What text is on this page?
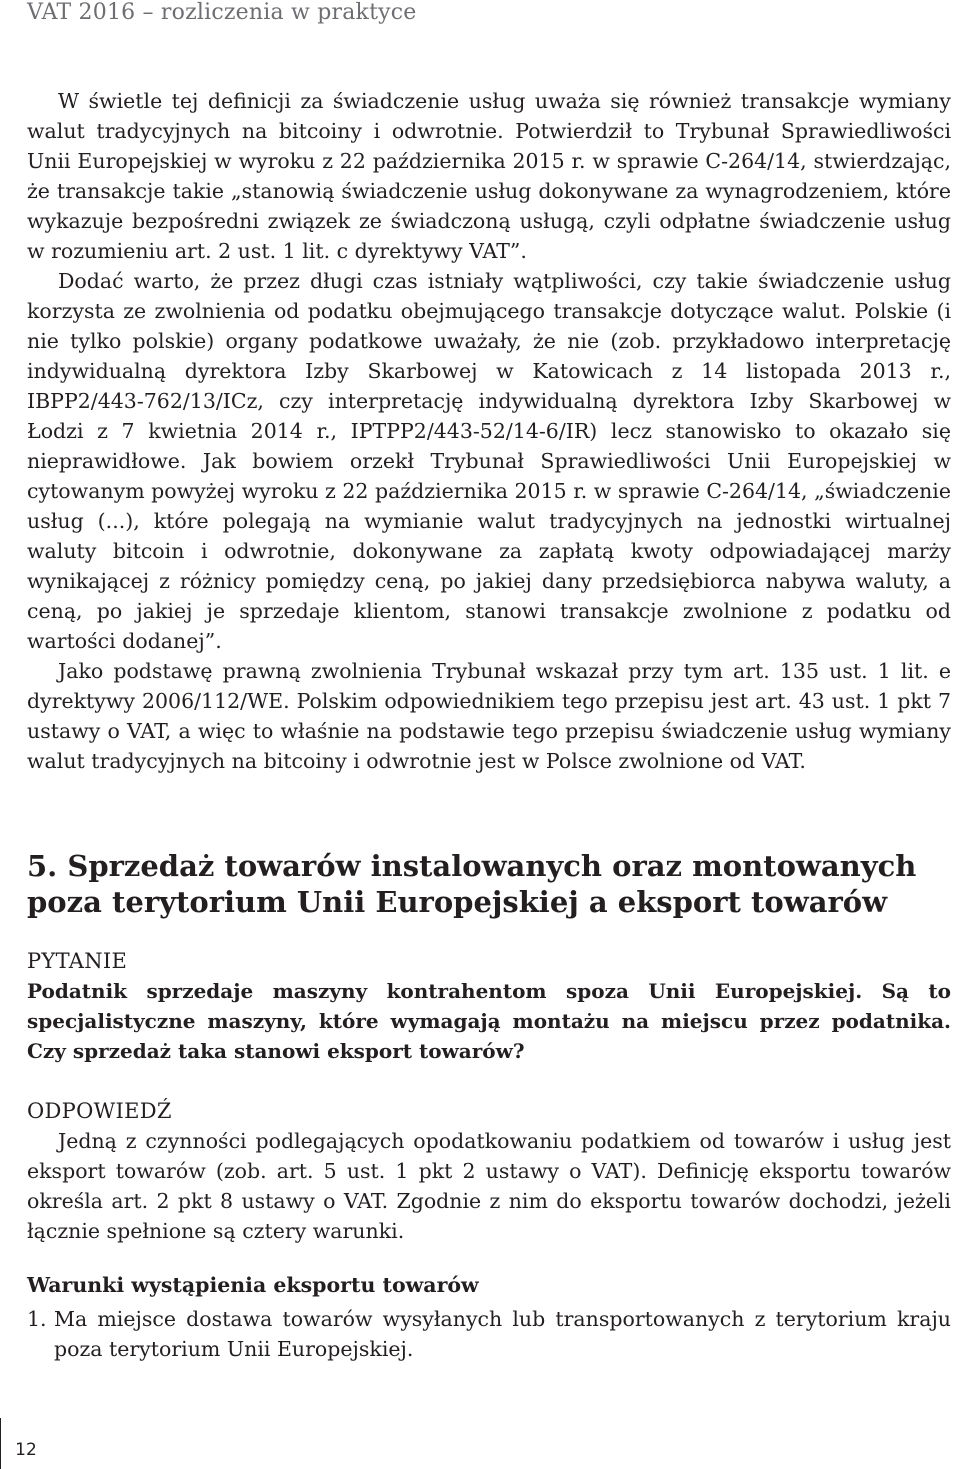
VAT 2016 – rozliczenia w praktyce

W świetle tej definicji za świadczenie usług uważa się również transakcje wymiany walut tradycyjnych na bitcoiny i odwrotnie. Potwierdził to Trybunał Sprawiedliwości Unii Europejskiej w wyroku z 22 października 2015 r. w sprawie C-264/14, stwierdzając, że transakcje takie „stanowią świadczenie usług dokonywane za wynagrodzeniem, które wykazuje bezpośredni związek ze świadczoną usługą, czyli odpłatne świadczenie usług w rozumieniu art. 2 ust. 1 lit. c dyrektywy VAT”.

Dodać warto, że przez długi czas istniały wątpliwości, czy takie świadczenie usług korzysta ze zwolnienia od podatku obejmującego transakcje dotyczące walut. Polskie (i nie tylko polskie) organy podatkowe uważały, że nie (zob. przykładowo interpretację indywidualną dyrektora Izby Skarbowej w Katowicach z 14 listopada 2013 r., IBPP2/443-762/13/ICz, czy interpretację indywidualną dyrektora Izby Skarbowej w Łodzi z 7 kwietnia 2014 r., IPTPP2/443-52/14-6/IR) lecz stanowisko to okazało się nieprawidłowe. Jak bowiem orzekł Trybunał Sprawiedliwości Unii Europejskiej w cytowanym powyżej wyroku z 22 października 2015 r. w sprawie C-264/14, „świadczenie usług (...), które polegają na wymianie walut tradycyjnych na jednostki wirtualnej waluty bitcoin i odwrotnie, dokonywane za zapłatą kwoty odpowiadającej marży wynikającej z różnicy pomiędzy ceną, po jakiej dany przedsiębiorca nabywa waluty, a ceną, po jakiej je sprzedaje klientom, stanowi transakcje zwolnione z podatku od wartości dodanej”.

Jako podstawę prawną zwolnienia Trybunał wskazał przy tym art. 135 ust. 1 lit. e dyrektywy 2006/112/WE. Polskim odpowiednikiem tego przepisu jest art. 43 ust. 1 pkt 7 ustawy o VAT, a więc to właśnie na podstawie tego przepisu świadczenie usług wymiany walut tradycyjnych na bitcoiny i odwrotnie jest w Polsce zwolnione od VAT.

5. Sprzedaż towarów instalowanych oraz montowanych poza terytorium Unii Europejskiej a eksport towarów
PYTANIE
Podatnik sprzedaje maszyny kontrahentom spoza Unii Europejskiej. Są to specjalistyczne maszyny, które wymagają montażu na miejscu przez podatnika. Czy sprzedaż taka stanowi eksport towarów?
ODPOWIEDŹ

Jedną z czynności podlegających opodatkowaniu podatkiem od towarów i usług jest eksport towarów (zob. art. 5 ust. 1 pkt 2 ustawy o VAT). Definicję eksportu towarów określa art. 2 pkt 8 ustawy o VAT. Zgodnie z nim do eksportu towarów dochodzi, jeżeli łącznie spełnione są cztery warunki.

Warunki wystąpienia eksportu towarów
1. Ma miejsce dostawa towarów wysyłanych lub transportowanych z terytorium kraju poza terytorium Unii Europejskiej.
12
